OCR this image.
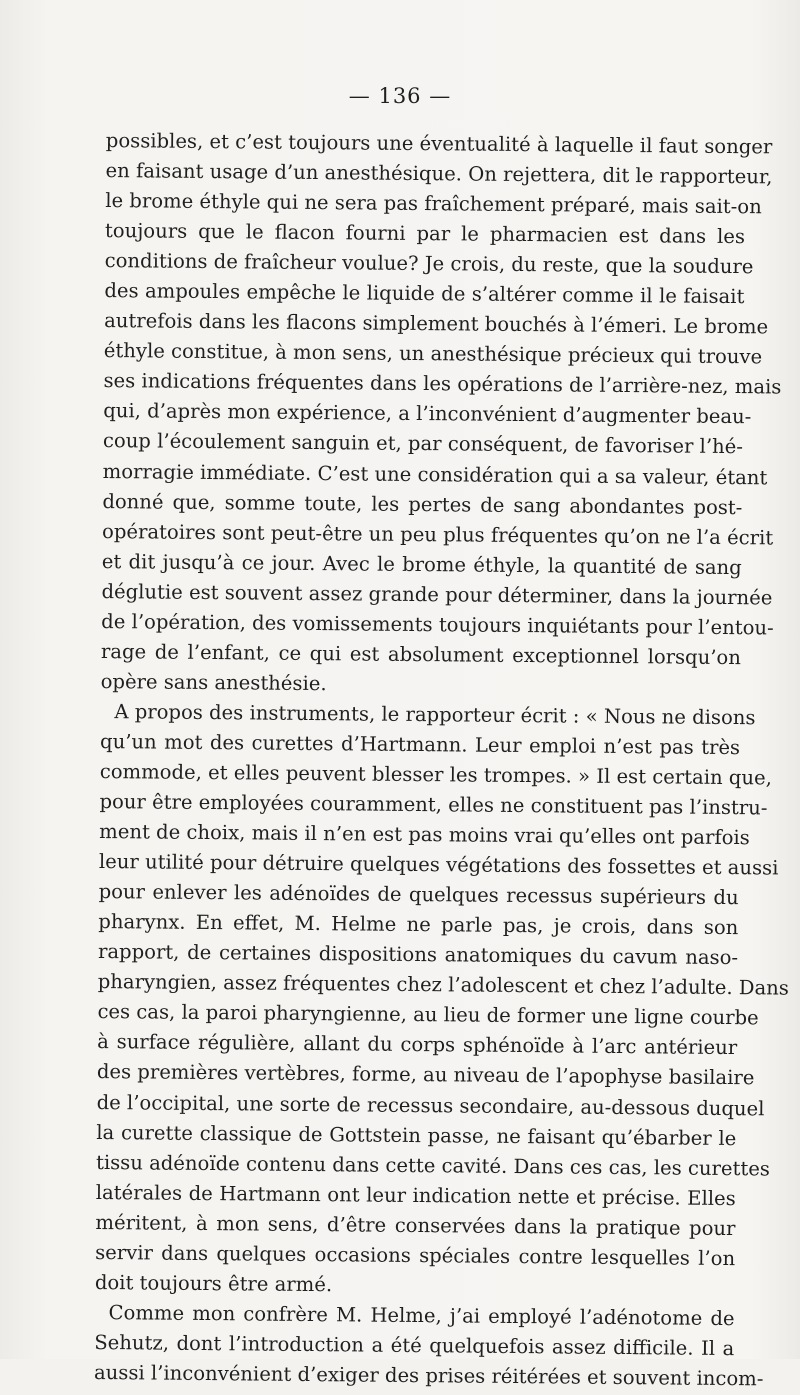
— 136 —
possibles, et c’est toujours une éventualité à laquelle il faut songer
en faisant usage d’un anesthésique. On rejettera, dit le rapporteur,
le brome éthyle qui ne sera pas fraîchement préparé, mais sait-on
toujours que le flacon fourni par le pharmacien est dans les
conditions de fraîcheur voulue? Je crois, du reste, que la soudure
des ampoules empêche le liquide de s’altérer comme il le faisait
autrefois dans les flacons simplement bouchés à l’émeri. Le brome
éthyle constitue, à mon sens, un anesthésique précieux qui trouve
ses indications fréquentes dans les opérations de l’arrière-nez, mais
qui, d’après mon expérience, a l’inconvénient d’augmenter beau-
coup l’écoulement sanguin et, par conséquent, de favoriser l’hé-
morragie immédiate. C’est une considération qui a sa valeur, étant
donné que, somme toute, les pertes de sang abondantes post-
opératoires sont peut-être un peu plus fréquentes qu’on ne l’a écrit
et dit jusqu’à ce jour. Avec le brome éthyle, la quantité de sang
déglutie est souvent assez grande pour déterminer, dans la journée
de l’opération, des vomissements toujours inquiétants pour l’entou-
rage de l’enfant, ce qui est absolument exceptionnel lorsqu’on
opère sans anesthésie.
A propos des instruments, le rapporteur écrit : « Nous ne disons
qu’un mot des curettes d’Hartmann. Leur emploi n’est pas très
commode, et elles peuvent blesser les trompes. » Il est certain que,
pour être employées couramment, elles ne constituent pas l’instru-
ment de choix, mais il n’en est pas moins vrai qu’elles ont parfois
leur utilité pour détruire quelques végétations des fossettes et aussi
pour enlever les adénoïdes de quelques recessus supérieurs du
pharynx. En effet, M. Helme ne parle pas, je crois, dans son
rapport, de certaines dispositions anatomiques du cavum naso-
pharyngien, assez fréquentes chez l’adolescent et chez l’adulte. Dans
ces cas, la paroi pharyngienne, au lieu de former une ligne courbe
à surface régulière, allant du corps sphénoïde à l’arc antérieur
des premières vertèbres, forme, au niveau de l’apophyse basilaire
de l’occipital, une sorte de recessus secondaire, au-dessous duquel
la curette classique de Gottstein passe, ne faisant qu’ébarber le
tissu adénoïde contenu dans cette cavité. Dans ces cas, les curettes
latérales de Hartmann ont leur indication nette et précise. Elles
méritent, à mon sens, d’être conservées dans la pratique pour
servir dans quelques occasions spéciales contre lesquelles l’on
doit toujours être armé.
Comme mon confrère M. Helme, j’ai employé l’adénotome de
Sehutz, dont l’introduction a été quelquefois assez difficile. Il a
aussi l’inconvénient d’exiger des prises réitérées et souvent incom-
